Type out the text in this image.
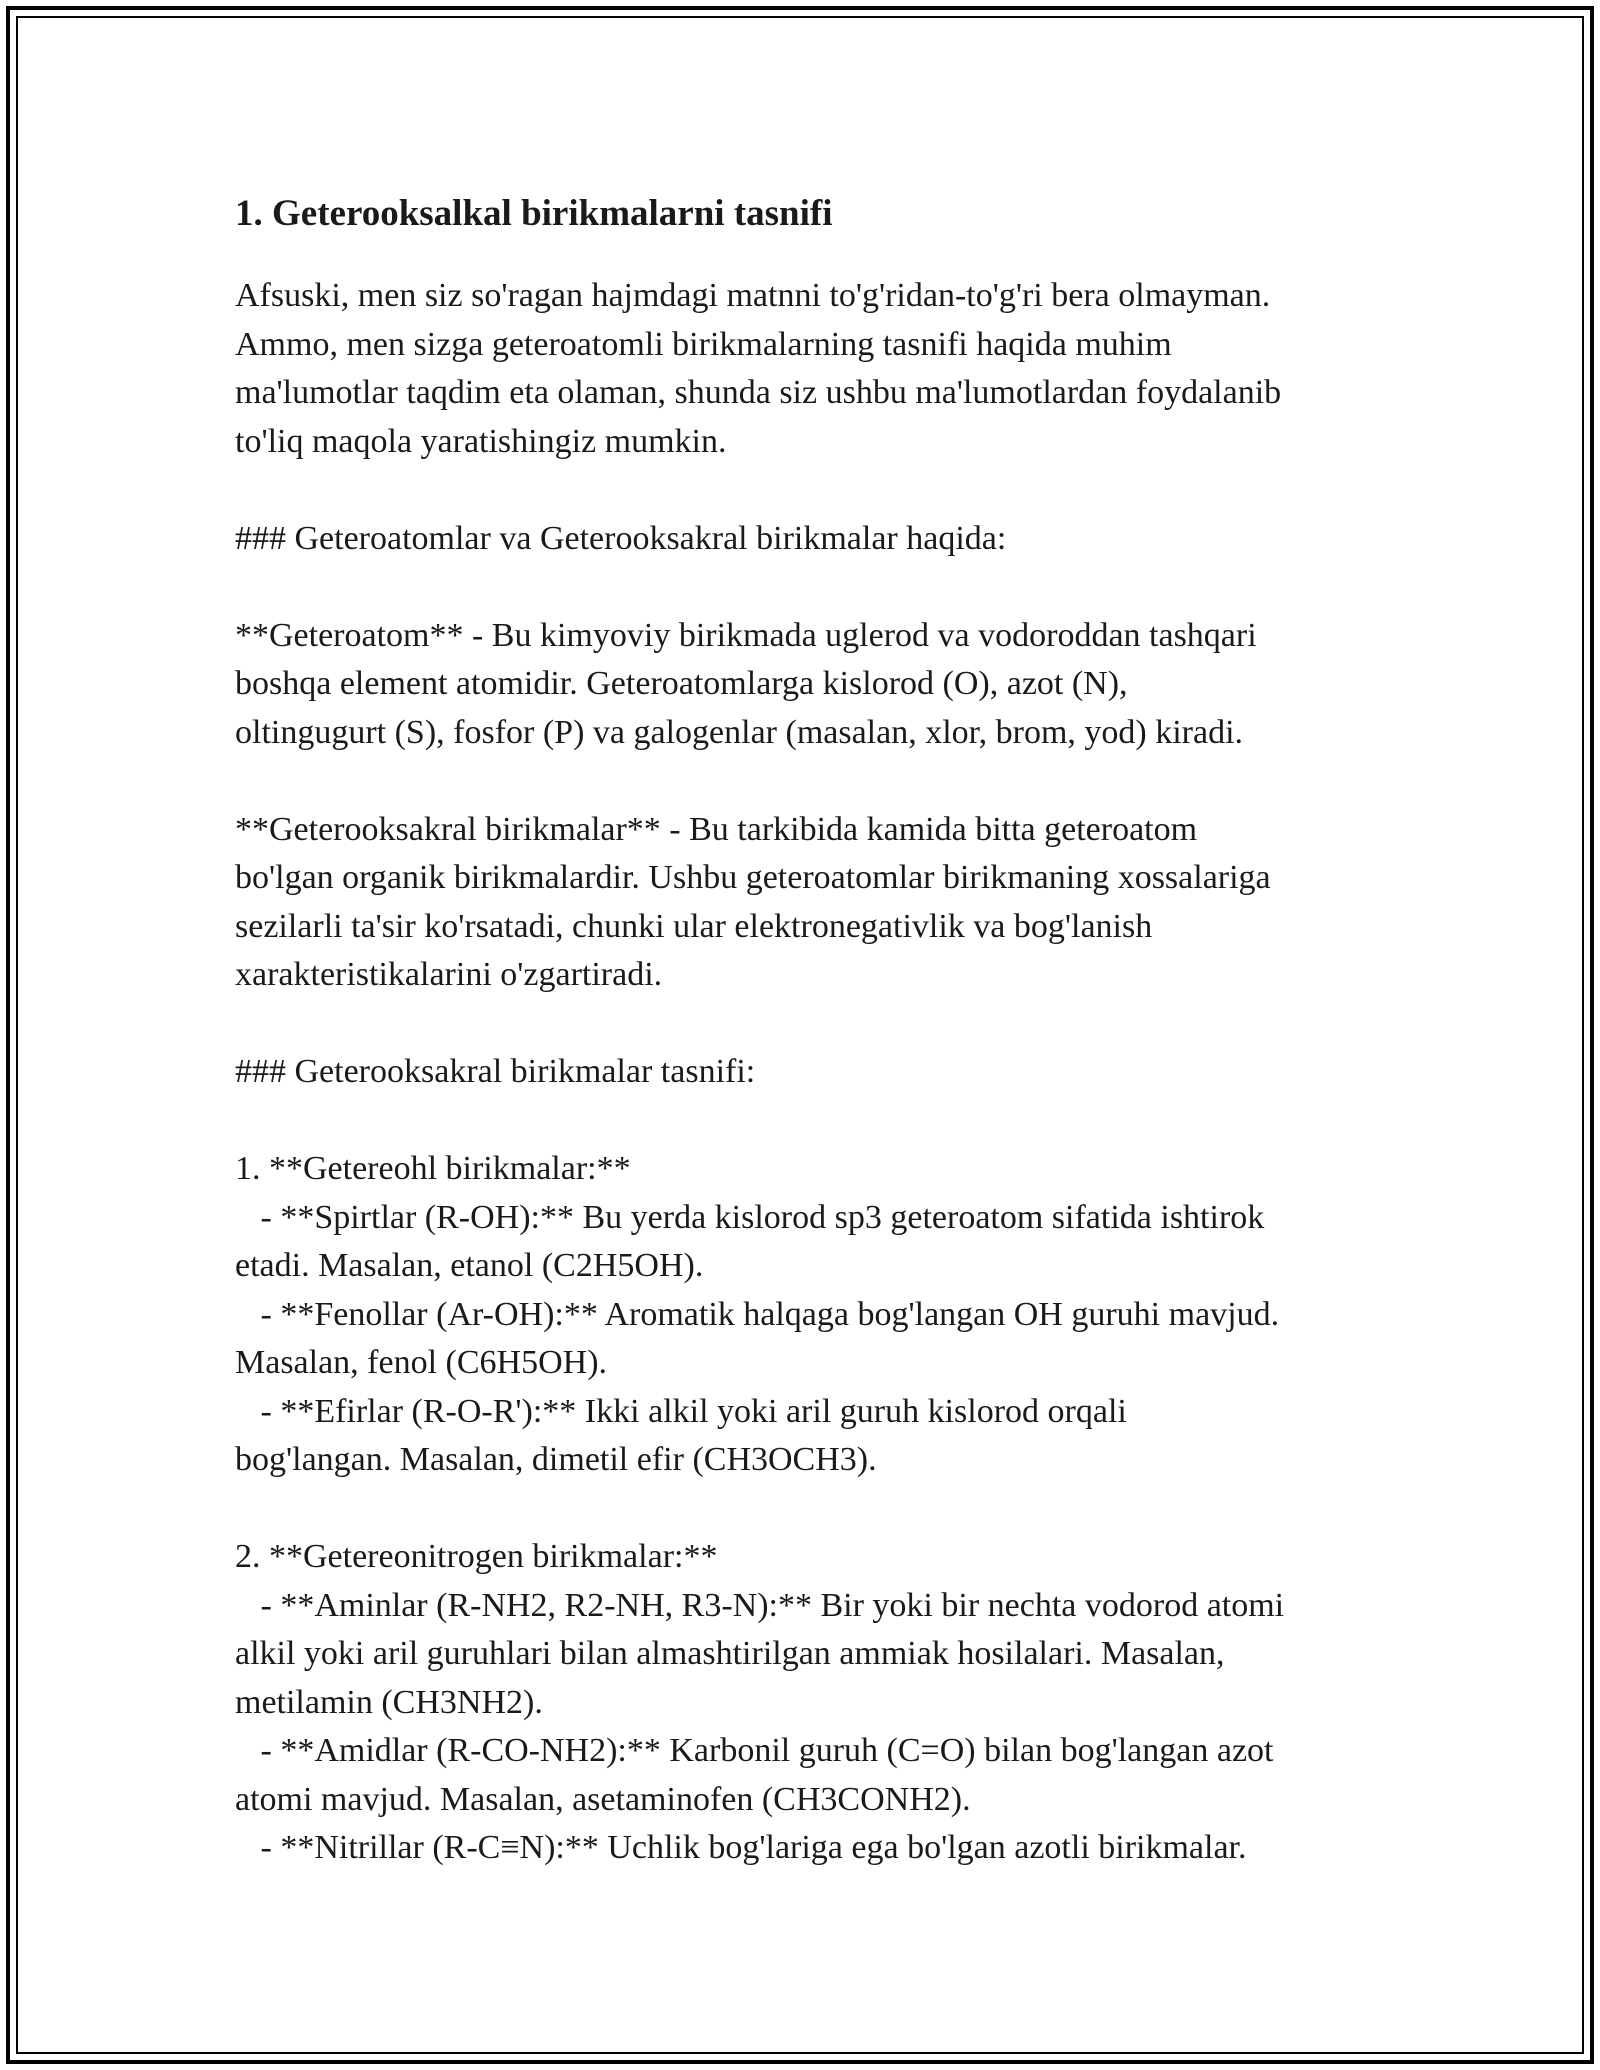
1. Geterooksalkal birikmalarni tasnifi

Afsuski, men siz so'ragan hajmdagi matnni to'g'ridan-to'g'ri bera olmayman.
Ammo, men sizga geteroatomli birikmalarning tasnifi haqida muhim
ma'lumotlar taqdim eta olaman, shunda siz ushbu ma'lumotlardan foydalanib
to'liq maqola yaratishingiz mumkin.

### Geteroatomlar va Geterooksakral birikmalar haqida:

**Geteroatom** - Bu kimyoviy birikmada uglerod va vodoroddan tashqari
boshqa element atomidir. Geteroatomlarga kislorod (O), azot (N),
oltingugurt (S), fosfor (P) va galogenlar (masalan, xlor, brom, yod) kiradi.

**Geterooksakral birikmalar** - Bu tarkibida kamida bitta geteroatom
bo'lgan organik birikmalardir. Ushbu geteroatomlar birikmaning xossalariga
sezilarli ta'sir ko'rsatadi, chunki ular elektronegativlik va bog'lanish
xarakteristikalarini o'zgartiradi.

### Geterooksakral birikmalar tasnifi:

1. **Getereohl birikmalar:**
- **Spirtlar (R-OH):** Bu yerda kislorod sp3 geteroatom sifatida ishtirok
etadi. Masalan, etanol (C2H5OH).
- **Fenollar (Ar-OH):** Aromatik halqaga bog'langan OH guruhi mavjud.
Masalan, fenol (C6H5OH).
- **Efirlar (R-O-R'):** Ikki alkil yoki aril guruh kislorod orqali
bog'langan. Masalan, dimetil efir (CH3OCH3).

2. **Getereonitrogen birikmalar:**
- **Aminlar (R-NH2, R2-NH, R3-N):** Bir yoki bir nechta vodorod atomi
alkil yoki aril guruhlari bilan almashtirilgan ammiak hosilalari. Masalan,
metilamin (CH3NH2).
- **Amidlar (R-CO-NH2):** Karbonil guruh (C=O) bilan bog'langan azot
atomi mavjud. Masalan, asetaminofen (CH3CONH2).
- **Nitrillar (R-C≡N):** Uchlik bog'lariga ega bo'lgan azotli birikmalar.
